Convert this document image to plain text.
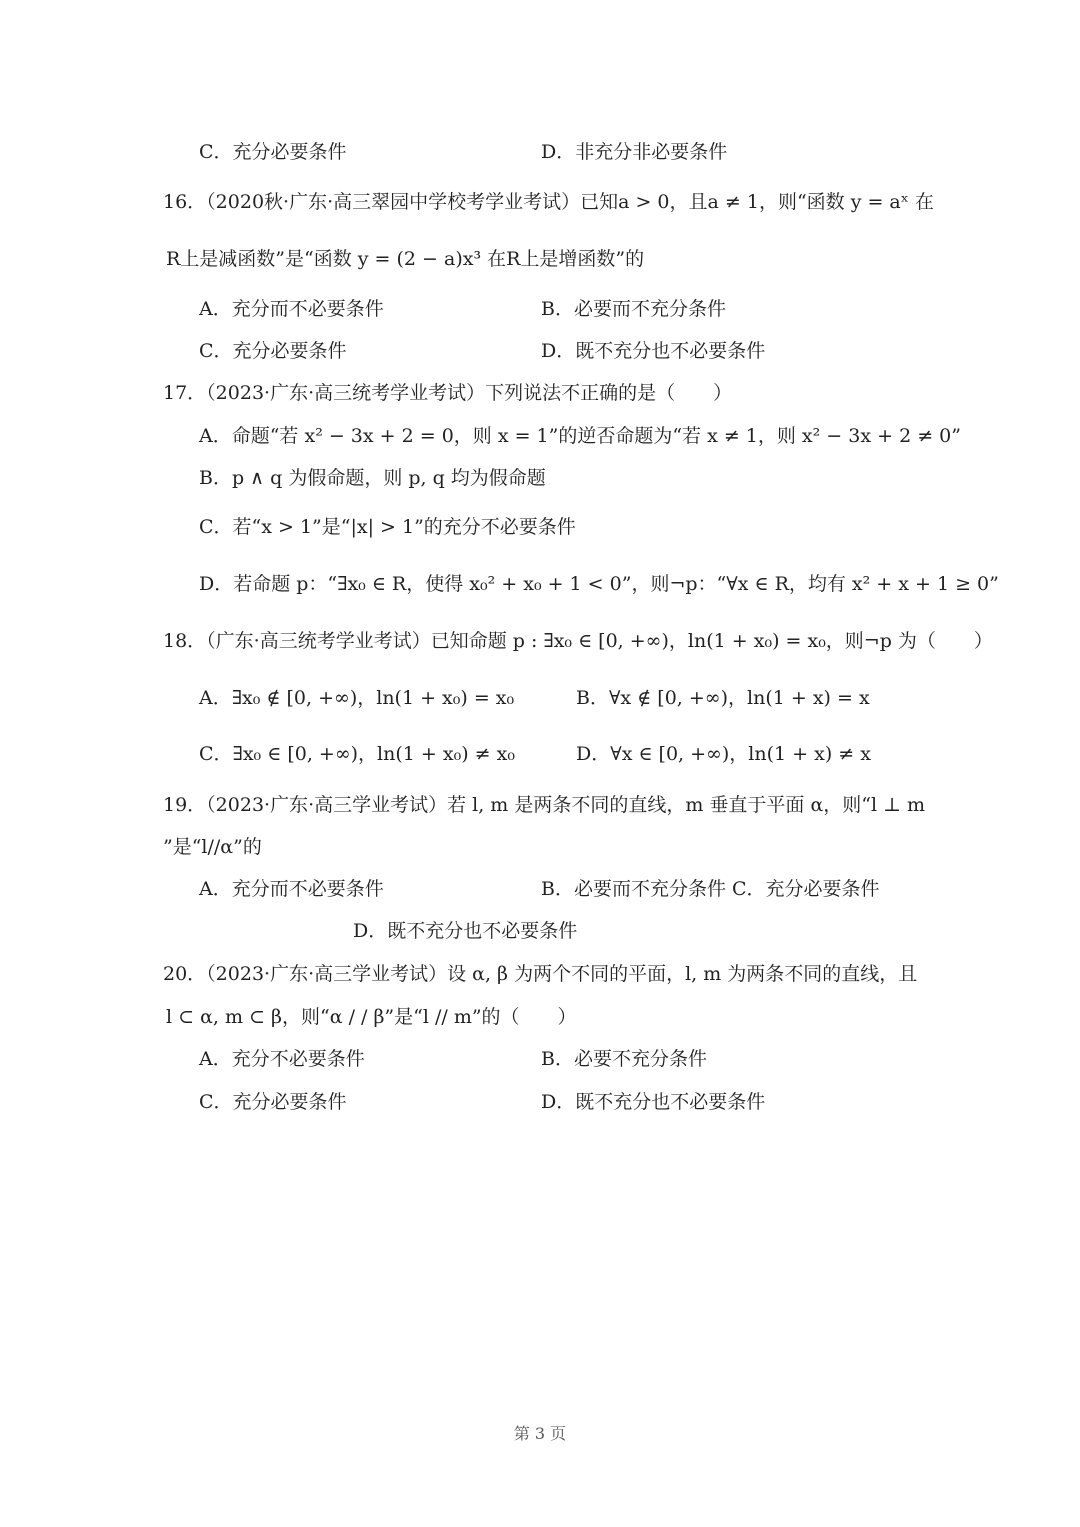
C．充分必要条件	D．非充分非必要条件
16．（2020秋·广东·高三翠园中学校考学业考试）已知a > 0，且a ≠ 1，则“函数 y = aˣ 在
R上是减函数”是“函数 y = (2 − a)x³ 在R上是增函数”的
A．充分而不必要条件	B．必要而不充分条件
C．充分必要条件	D．既不充分也不必要条件
17．（2023·广东·高三统考学业考试）下列说法不正确的是（　　）
A．命题“若 x² − 3x + 2 = 0，则 x = 1”的逆否命题为“若 x ≠ 1，则 x² − 3x + 2 ≠ 0”
B．p ∧ q 为假命题，则 p, q 均为假命题
C．若“x > 1”是“|x| > 1”的充分不必要条件
D．若命题 p：“∃x₀ ∈ R，使得 x₀² + x₀ + 1 < 0”，则¬p：“∀x ∈ R，均有 x² + x + 1 ≥ 0”
18．（广东·高三统考学业考试）已知命题 p : ∃x₀ ∈ [0, +∞)，ln(1 + x₀) = x₀，则¬p 为（　　）
A．∃x₀ ∉ [0, +∞)，ln(1 + x₀) = x₀	B．∀x ∉ [0, +∞)，ln(1 + x) = x
C．∃x₀ ∈ [0, +∞)，ln(1 + x₀) ≠ x₀	D．∀x ∈ [0, +∞)，ln(1 + x) ≠ x
19．（2023·广东·高三学业考试）若 l, m 是两条不同的直线，m 垂直于平面 α，则“l ⊥ m
”是“l//α”的
A．充分而不必要条件	B．必要而不充分条件 C．充分必要条件
D．既不充分也不必要条件
20．（2023·广东·高三学业考试）设 α, β 为两个不同的平面，l, m 为两条不同的直线，且
l ⊂ α, m ⊂ β，则“α / / β”是“l // m”的（　　）
A．充分不必要条件	B．必要不充分条件
C．充分必要条件	D．既不充分也不必要条件
第 3 页
